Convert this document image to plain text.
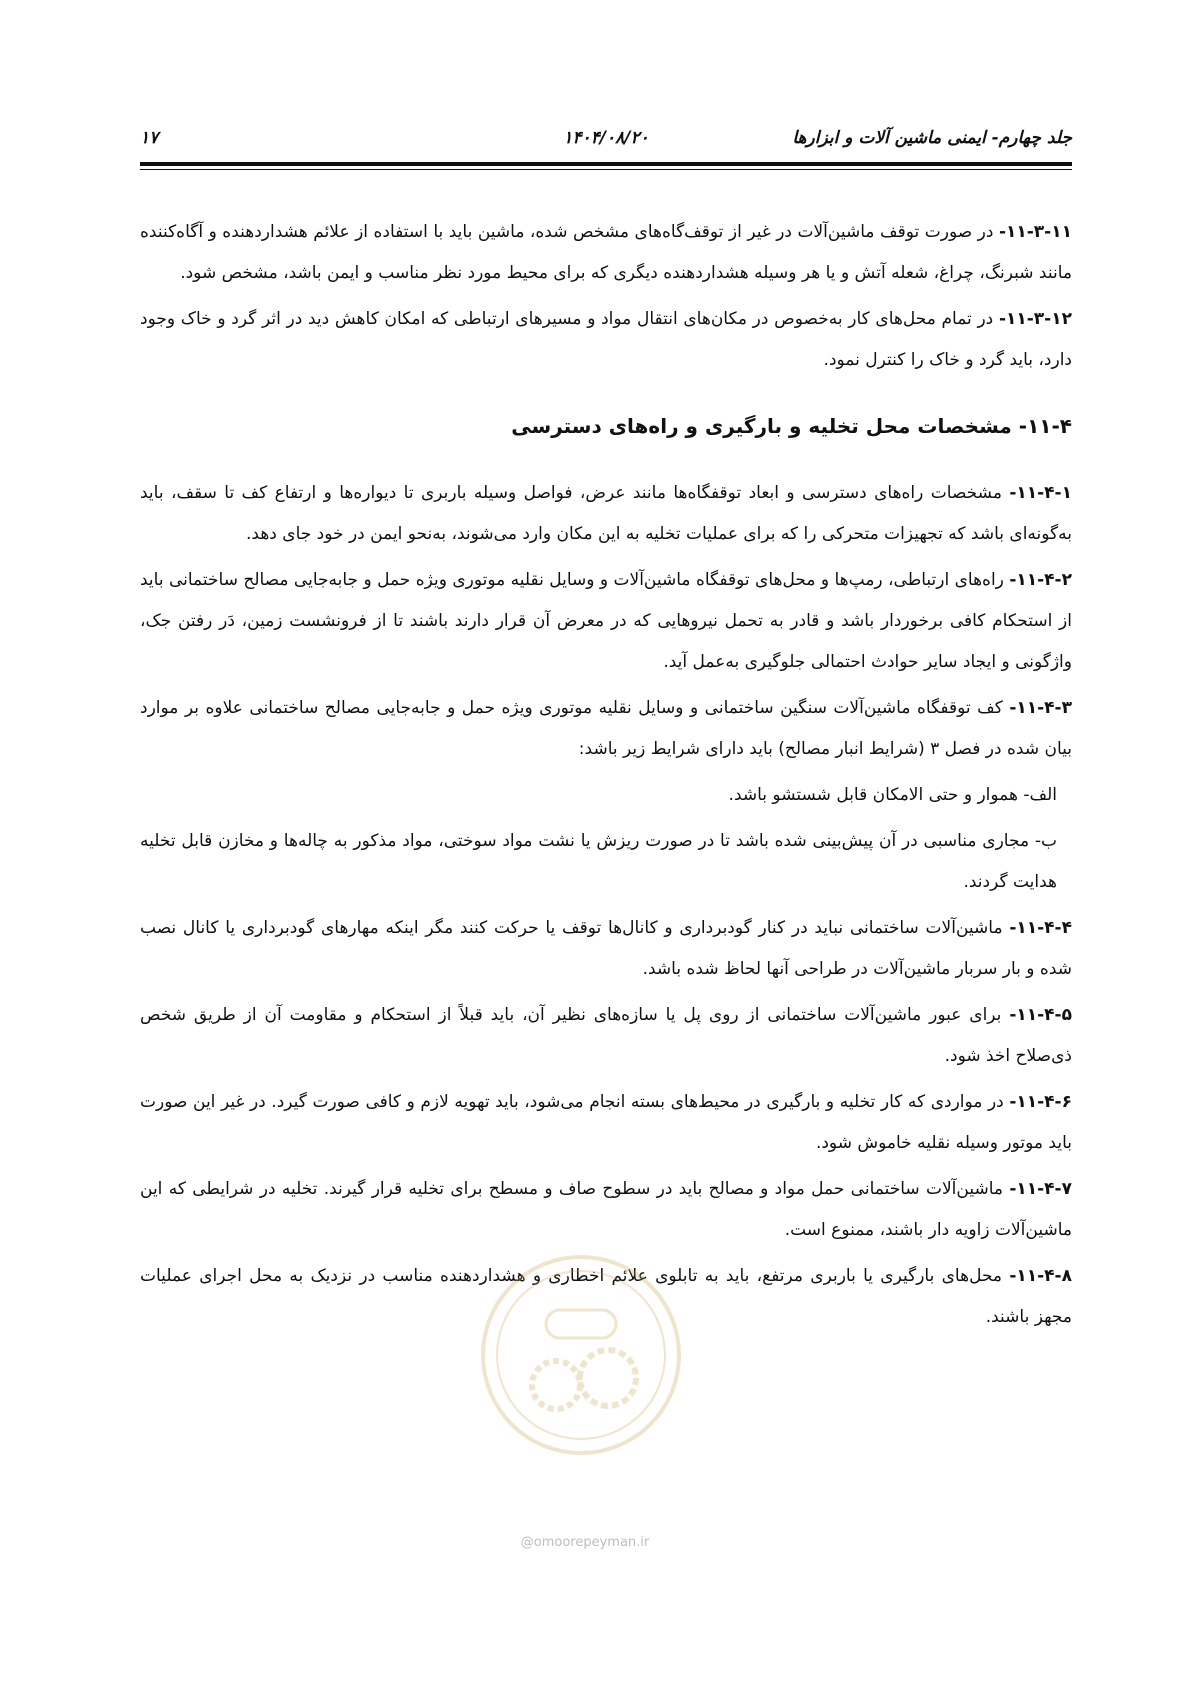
جلد چهارم- ایمنی ماشین آلات و ابزارها
۱۴۰۴/۰۸/۲۰
۱۷

۱۱-۳-۱۱- در صورت توقف ماشین‌آلات در غیر از توقف‌گاه‌های مشخص شده، ماشین باید با استفاده از علائم هشداردهنده و آگاه‌کننده مانند شبرنگ، چراغ، شعله آتش و یا هر وسیله هشداردهنده دیگری که برای محیط مورد نظر مناسب و ایمن باشد، مشخص شود.

۱۱-۳-۱۲- در تمام محل‌های کار به‌خصوص در مکان‌های انتقال مواد و مسیرهای ارتباطی که امکان کاهش دید در اثر گرد و خاک وجود دارد، باید گرد و خاک را کنترل نمود.

۱۱-۴- مشخصات محل تخلیه و بارگیری و راه‌های دسترسی

۱۱-۴-۱- مشخصات راه‌های دسترسی و ابعاد توقفگاه‌ها مانند عرض، فواصل وسیله باربری تا دیواره‌ها و ارتفاع کف تا سقف، باید به‌گونه‌ای باشد که تجهیزات متحرکی را که برای عملیات تخلیه به این مکان وارد می‌شوند، به‌نحو ایمن در خود جای دهد.

۱۱-۴-۲- راه‌های ارتباطی، رمپ‌ها و محل‌های توقفگاه ماشین‌آلات و وسایل نقلیه موتوری ویژه حمل و جابه‌جایی مصالح ساختمانی باید از استحکام کافی برخوردار باشد و قادر به تحمل نیروهایی که در معرض آن قرار دارند باشند تا از فرونشست زمین، دَر رفتن جک، واژگونی و ایجاد سایر حوادث احتمالی جلوگیری به‌عمل آید.

۱۱-۴-۳- کف توقفگاه ماشین‌آلات سنگین ساختمانی و وسایل نقلیه موتوری ویژه حمل و جابه‌جایی مصالح ساختمانی علاوه بر موارد بیان شده در فصل ۳ (شرایط انبار مصالح) باید دارای شرایط زیر باشد:

الف- هموار و حتی الامکان قابل شستشو باشد.

ب- مجاری مناسبی در آن پیش‌بینی شده باشد تا در صورت ریزش یا نشت مواد سوختی، مواد مذکور به چاله‌ها و مخازن قابل تخلیه هدایت گردند.

۱۱-۴-۴- ماشین‌آلات ساختمانی نباید در کنار گودبرداری و کانال‌ها توقف یا حرکت کنند مگر اینکه مهارهای گودبرداری یا کانال نصب شده و بار سربار ماشین‌آلات در طراحی آنها لحاظ شده باشد.

۱۱-۴-۵- برای عبور ماشین‌آلات ساختمانی از روی پل یا سازه‌های نظیر آن، باید قبلاً از استحکام و مقاومت آن از طریق شخص ذی‌صلاح اخذ شود.

۱۱-۴-۶- در مواردی که کار تخلیه و بارگیری در محیط‌های بسته انجام می‌شود، باید تهویه لازم و کافی صورت گیرد. در غیر این صورت باید موتور وسیله نقلیه خاموش شود.

۱۱-۴-۷- ماشین‌آلات ساختمانی حمل مواد و مصالح باید در سطوح صاف و مسطح برای تخلیه قرار گیرند. تخلیه در شرایطی که این ماشین‌آلات زاویه دار باشند، ممنوع است.

۱۱-۴-۸- محل‌های بارگیری یا باربری مرتفع، باید به تابلوی علائم اخطاری و هشداردهنده مناسب در نزدیک به محل اجرای عملیات مجهز باشند.

@omoorepeyman.ir
